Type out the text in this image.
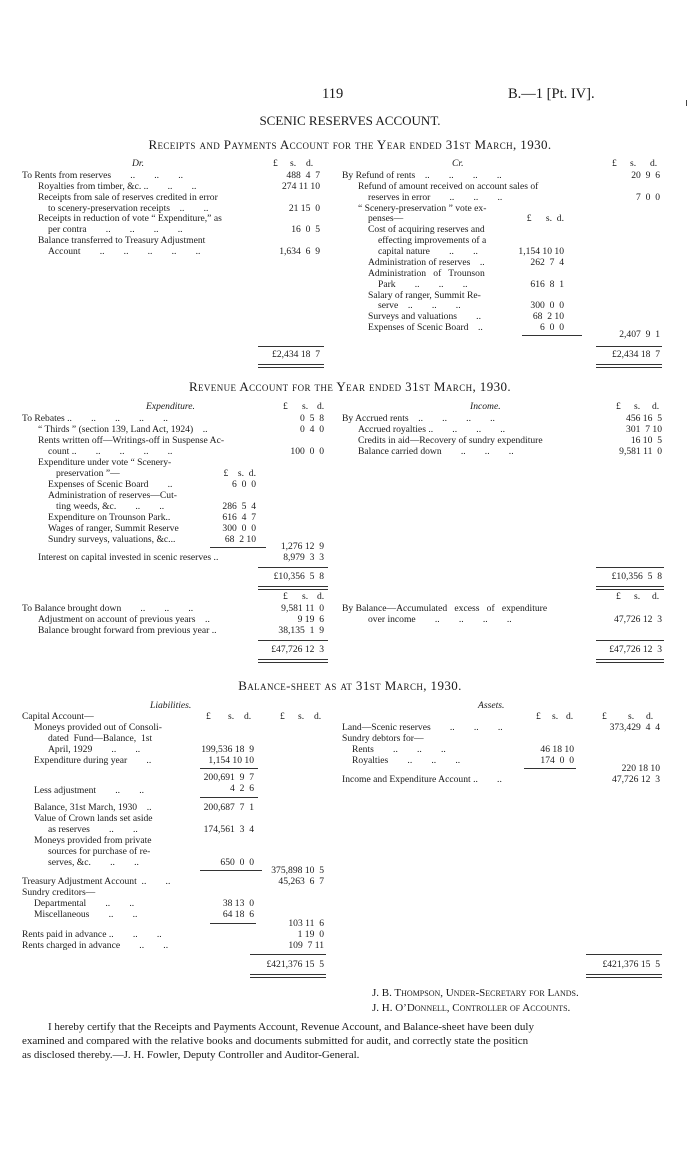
119	B.—1 [Pt. IV].
SCENIC RESERVES ACCOUNT.
Receipts and Payments Account for the Year ended 31st March, 1930.
Dr.	£ s. d.	Cr.	£ s. d.
To Rents from reserves        ..        ..        ..	488  4  7
Royalties from timber, &c. ..        ..        ..	274 11 10
Receipts from sale of reserves credited in error
to scenery-preservation receipts    ..        ..	21 15  0
Receipts in reduction of vote “ Expenditure,” as
per contra        ..        ..        ..        ..	16  0  5
Balance transferred to Treasury Adjustment
Account        ..        ..        ..        ..        ..	1,634  6  9
By Refund of rents    ..        ..        ..        ..	20  9  6
Refund of amount received on account sales of
reserves in error        ..        ..        ..	7  0  0
“ Scenery-preservation ” vote ex-
penses—	£      s.  d.
Cost of acquiring reserves and
effecting improvements of a
capital nature        ..        ..	1,154 10 10
Administration of reserves    ..	262  7  4
Administration   of   Trounson
Park        ..        ..        ..	616  8  1
Salary of ranger, Summit Re-
serve    ..        ..        ..	300  0  0
Surveys and valuations        ..	68  2 10
Expenses of Scenic Board    ..	6  0  0
2,407  9  1
£2,434 18  7	£2,434 18  7
Revenue Account for the Year ended 31st March, 1930.
Expenditure.	£ s. d.	Income.	£ s. d.
To Rebates ..        ..        ..        ..        ..	0  5  8
“ Thirds ” (section 139, Land Act, 1924)    ..	0  4  0
Rents written off—Writings-off in Suspense Ac-
count ..        ..        ..        ..        ..	100  0  0
Expenditure under vote “ Scenery-
preservation ”—	£    s.  d.
Expenses of Scenic Board        ..	6  0  0
Administration of reserves—Cut-
ting weeds, &c.        ..        ..	286  5  4
Expenditure on Trounson Park..	616  4  7
Wages of ranger, Summit Reserve	300  0  0
Sundry surveys, valuations, &c...	68  2 10
1,276 12  9
Interest on capital invested in scenic reserves ..	8,979  3  3
By Accrued rents    ..        ..        ..        ..	456 16  5
Accrued royalties ..        ..        ..        ..	301  7 10
Credits in aid—Recovery of sundry expenditure	16 10  5
Balance carried down        ..        ..        ..	9,581 11  0
£10,356  5  8	£10,356  5  8
£ s. d.	£ s. d.
To Balance brought down        ..        ..        ..	9,581 11  0
Adjustment on account of previous years    ..	9 19  6
Balance brought forward from previous year ..	38,135  1  9
By Balance—Accumulated   excess   of   expenditure
over income        ..        ..        ..        ..	47,726 12  3
£47,726 12  3	£47,726 12  3
Balance-sheet as at 31st March, 1930.
Liabilities.	Assets.
£ s. d.	£ s. d.	£ s. d.	£ s. d.
Capital Account—
Moneys provided out of Consoli-
dated  Fund—Balance,  1st
April, 1929        ..        ..	199,536 18  9
Expenditure during year        ..	1,154 10 10
200,691  9  7
Less adjustment        ..        ..	4  2  6
Balance, 31st March, 1930    ..	200,687  7  1
Value of Crown lands set aside
as reserves        ..        ..	174,561  3  4
Moneys provided from private
sources for purchase of re-
serves, &c.        ..        ..	650  0  0
375,898 10  5
Treasury Adjustment Account  ..        ..	45,263  6  7
Sundry creditors—
Departmental        ..        ..	38 13  0
Miscellaneous        ..        ..	64 18  6
103 11  6
Rents paid in advance ..        ..        ..	1 19  0
Rents charged in advance        ..        ..	109  7 11
Land—Scenic reserves        ..        ..        ..	373,429  4  4
Sundry debtors for—
Rents        ..        ..        ..	46 18 10
Royalties        ..        ..        ..	174  0  0
220 18 10
Income and Expenditure Account ..        ..	47,726 12  3
£421,376 15  5	£421,376 15  5
J. B. Thompson, Under-Secretary for Lands.
J. H. O’Donnell, Controller of Accounts.
I hereby certify that the Receipts and Payments Account, Revenue Account, and Balance-sheet have been duly
examined and compared with the relative books and documents submitted for audit, and correctly state the positicn
as disclosed thereby.—J. H. Fowler, Deputy Controller and Auditor-General.
